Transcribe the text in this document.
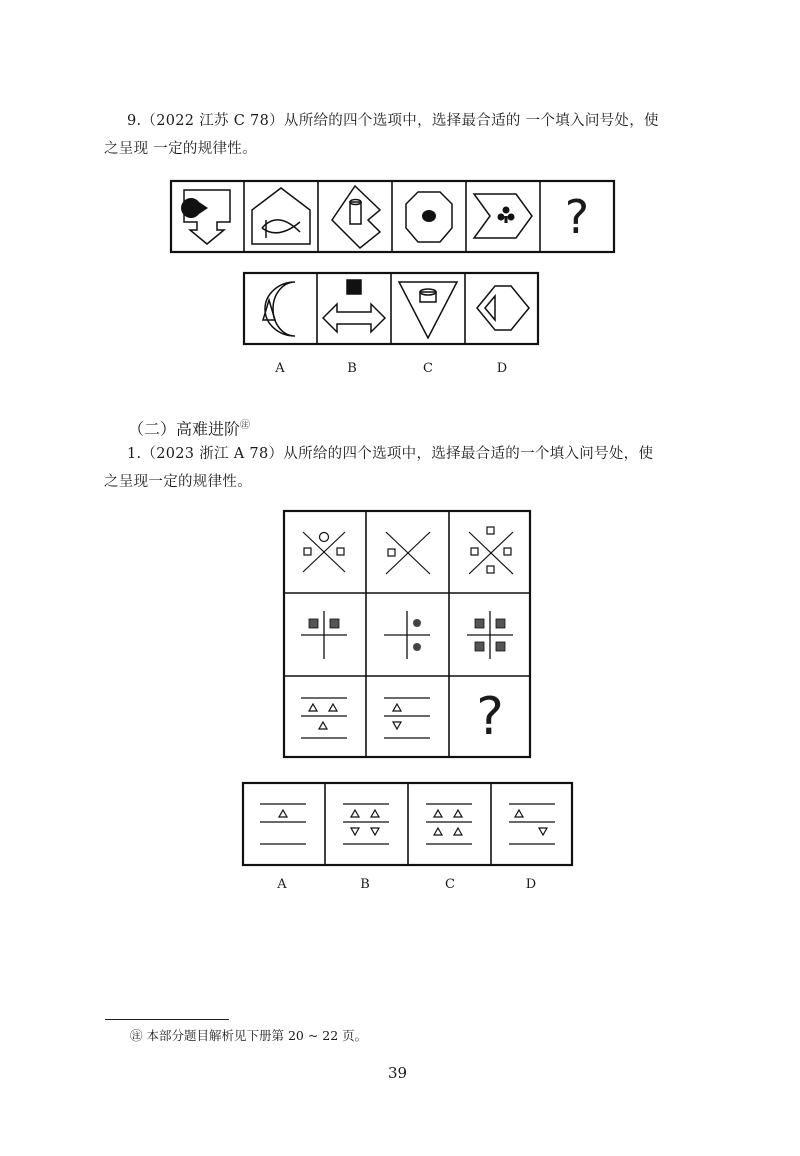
9.（2022 江苏 C 78）从所给的四个选项中，选择最合适的 一个填入问号处，使
之呈现 一定的规律性。
?
A	B	C	D
（二）高难进阶㊟
1.（2023 浙江 A 78）从所给的四个选项中，选择最合适的一个填入问号处，使
之呈现一定的规律性。
?
A	B	C	D
㊟ 本部分题目解析见下册第 20 ~ 22 页。
39
